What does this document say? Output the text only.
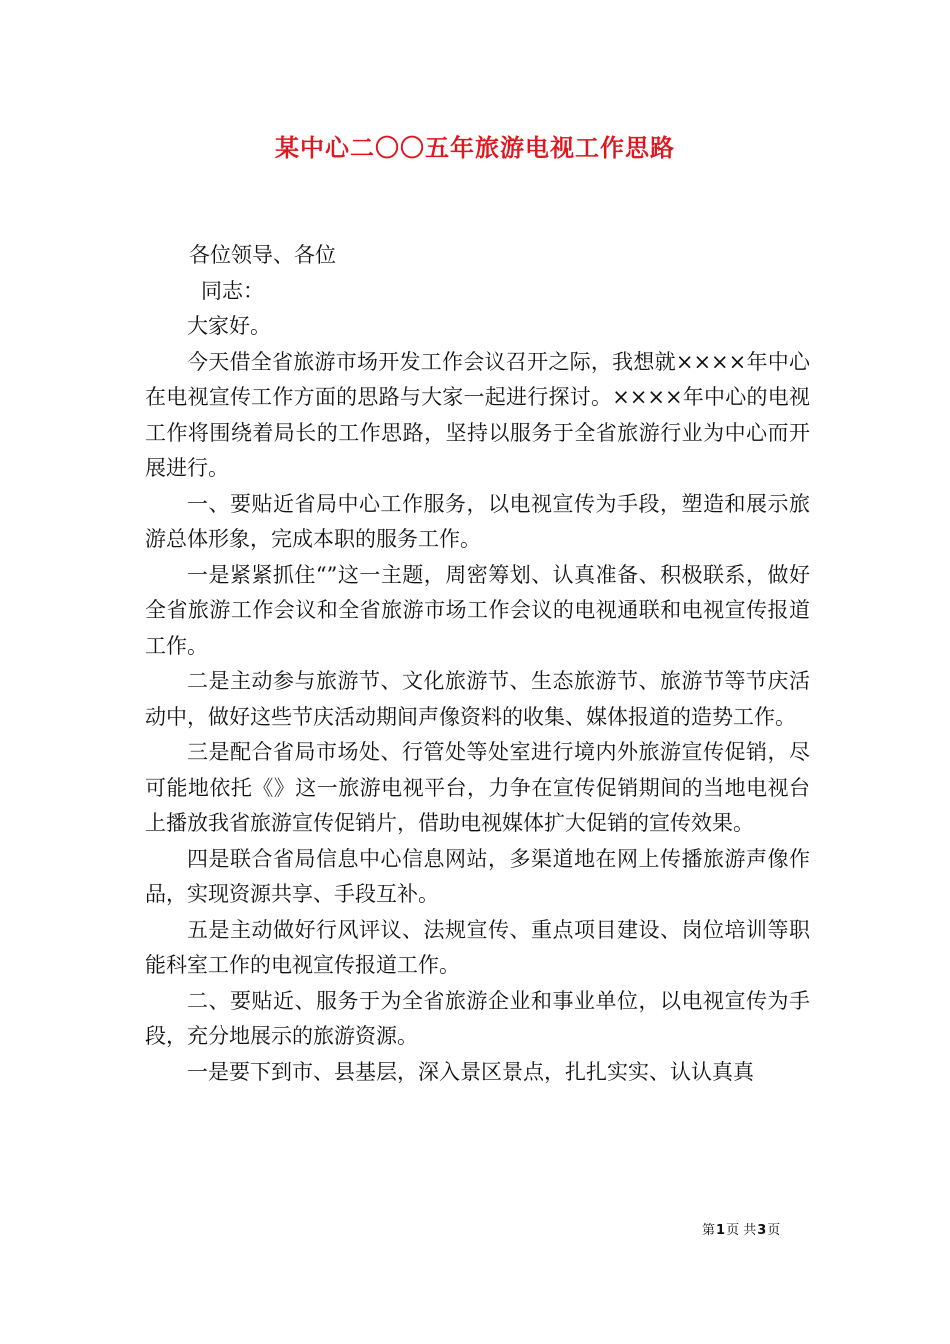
某中心二〇〇五年旅游电视工作思路

各位领导、各位

同志：

大家好。

今天借全省旅游市场开发工作会议召开之际，我想就××××年中心在电视宣传工作方面的思路与大家一起进行探讨。××××年中心的电视工作将围绕着局长的工作思路，坚持以服务于全省旅游行业为中心而开展进行。

一、要贴近省局中心工作服务，以电视宣传为手段，塑造和展示旅游总体形象，完成本职的服务工作。

一是紧紧抓住“”这一主题，周密筹划、认真准备、积极联系，做好全省旅游工作会议和全省旅游市场工作会议的电视通联和电视宣传报道工作。

二是主动参与旅游节、文化旅游节、生态旅游节、旅游节等节庆活动中，做好这些节庆活动期间声像资料的收集、媒体报道的造势工作。

三是配合省局市场处、行管处等处室进行境内外旅游宣传促销，尽可能地依托《》这一旅游电视平台，力争在宣传促销期间的当地电视台上播放我省旅游宣传促销片，借助电视媒体扩大促销的宣传效果。

四是联合省局信息中心信息网站，多渠道地在网上传播旅游声像作品，实现资源共享、手段互补。

五是主动做好行风评议、法规宣传、重点项目建设、岗位培训等职能科室工作的电视宣传报道工作。

二、要贴近、服务于为全省旅游企业和事业单位，以电视宣传为手段，充分地展示的旅游资源。

一是要下到市、县基层，深入景区景点，扎扎实实、认认真真

第1页 共3页
